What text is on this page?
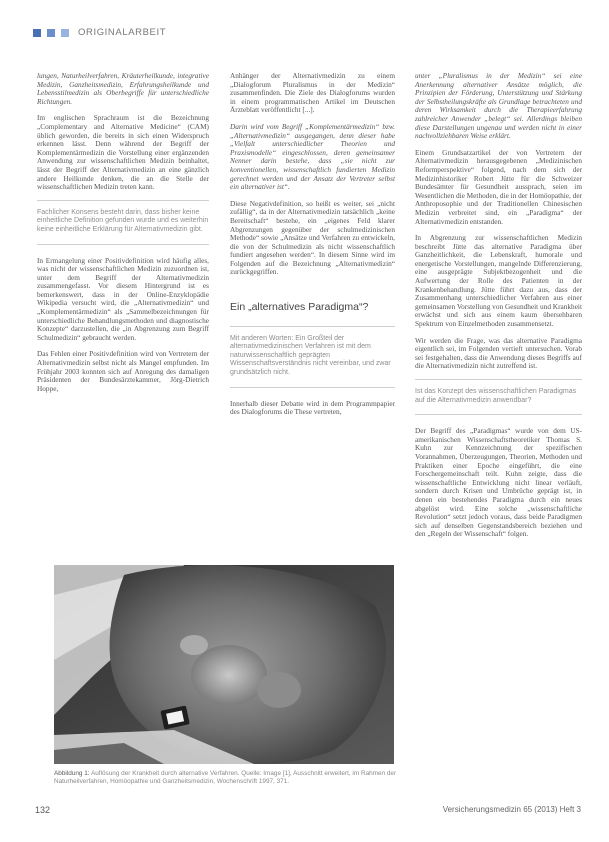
ORIGINALARBEIT

lungen, Naturheilverfahren, Kräuterheilkunde, integrative Medizin, Ganzheitsmedizin, Erfahrungsheilkunde und Lebensstilmedizin als Oberbegriffe für unterschiedliche Richtungen.

Im englischen Sprachraum ist die Bezeichnung „Complementary and Alternative Medicine“ (CAM) üblich geworden, die bereits in sich einen Widerspruch erkennen lässt. Denn während der Begriff der Komplementärmedizin die Vorstellung einer ergänzenden Anwendung zur wissenschaftlichen Medizin beinhaltet, lässt der Begriff der Alternativmedizin an eine gänzlich andere Heilkunde denken, die an die Stelle der wissenschaftlichen Medizin treten kann.

Fachlicher Konsens besteht darin, dass bisher keine einheitliche Definition gefunden wurde und es weiterhin keine einheitliche Erklärung für Alternativmedizin gibt.

In Ermangelung einer Positivdefinition wird häufig alles, was nicht der wissenschaftlichen Medizin zuzuordnen ist, unter dem Begriff der Alternativmedizin zusammengefasst. Vor diesem Hintergrund ist es bemerkenswert, dass in der Online-Enzyklopädie Wikipedia versucht wird, die „Alternativmedizin“ und „Komplementärmedizin“ als „Sammelbezeichnungen für unterschiedliche Behandlungsmethoden und diagnostische Konzepte“ darzustellen, die „in Abgrenzung zum Begriff Schulmedizin“ gebraucht werden.

Das Fehlen einer Positivdefinition wird von Vertretern der Alternativmedizin selbst nicht als Mangel empfunden. Im Frühjahr 2003 konnten sich auf Anregung des damaligen Präsidenten der Bundesärztekammer, Jörg-Dietrich Hoppe,

Anhänger der Alternativmedizin zu einem „Dialogforum Pluralismus in der Medizin“ zusammenfinden. Die Ziele des Dialogforums wurden in einem programmatischen Artikel im Deutschen Ärzteblatt veröffentlicht [...].

Darin wird vom Begriff „Komplementärmedizin“ bzw. „Alternativmedizin“ ausgegangen, denn dieser habe „Vielfalt unterschiedlicher Theorien und Praxismodelle“ eingeschlossen, deren gemeinsamer Nenner darin bestehe, dass „sie nicht zur konventionellen, wissenschaftlich fundierten Medizin gerechnet werden und der Ansatz der Vertreter selbst ein alternativer ist“.

Diese Negativdefinition, so heißt es weiter, sei „nicht zufällig“, da in der Alternativmedizin tatsächlich „keine Bereitschaft“ bestehe, ein „eigenes Feld klarer Abgrenzungen gegenüber der schulmedizinischen Methode“ sowie „Ansätze und Verfahren zu entwickeln, die von der Schulmedizin als nicht wissenschaftlich fundiert angesehen werden“. In diesem Sinne wird im Folgenden auf die Bezeichnung „Alternativmedizin“ zurückgegriffen.

Ein „alternatives Paradigma“?
Mit anderen Worten: Ein Großteil der alternativmedizinischen Verfahren ist mit dem naturwissenschaftlich geprägten Wissenschaftsverständnis nicht vereinbar, und zwar grundsätzlich nicht.

Innerhalb dieser Debatte wird in dem Programmpapier des Dialogforums die These vertreten,

unter „Pluralismus in der Medizin“ sei eine Anerkennung alternativer Ansätze möglich, die Prinzipien der Förderung, Unterstützung und Stärkung der Selbstheilungskräfte als Grundlage betrachteten und deren Wirksamkeit durch die Therapieerfahrung zahlreicher Anwender „belegt“ sei. Allerdings bleiben diese Darstellungen ungenau und werden nicht in einer nachvollziehbaren Weise erklärt.

Einem Grundsatzartikel der von Vertretern der Alternativmedizin herausgegebenen „Medizinischen Reformperspektive“ folgend, nach dem sich der Medizinhistoriker Robert Jütte für die Schweizer Bundesämter für Gesundheit aussprach, seien im Wesentlichen die Methoden, die in der Homöopathie, der Anthroposophie und der Traditionellen Chinesischen Medizin verbreitet sind, ein „Paradigma“ der Alternativmedizin entstanden.

In Abgrenzung zur wissenschaftlichen Medizin beschreibt Jütte das alternative Paradigma über Ganzheitlichkeit, die Lebenskraft, humorale und energetische Vorstellungen, mangelnde Differenzierung, eine ausgeprägte Subjektbezogenheit und die Aufwertung der Rolle des Patienten in der Krankenbehandlung. Jütte führt dazu aus, dass der Zusammenhang unterschiedlicher Verfahren aus einer gemeinsamen Vorstellung von Gesundheit und Krankheit erwächst und sich aus einem kaum übersehbaren Spektrum von Einzelmethoden zusammensetzt.

Wir werden die Frage, was das alternative Paradigma eigentlich sei, im Folgenden vertieft untersuchen. Vorab sei festgehalten, dass die Anwendung dieses Begriffs auf die Alternativmedizin nicht zutreffend ist.

Ist das Konzept des wissenschaftlichen Paradigmas auf die Alternativmedizin anwendbar?

Der Begriff des „Paradigmas“ wurde von dem US-amerikanischen Wissenschaftstheoretiker Thomas S. Kuhn zur Kennzeichnung der spezifischen Vorannahmen, Überzeugungen, Theorien, Methoden und Praktiken einer Epoche eingeführt, die eine Forschergemeinschaft teilt. Kuhn zeigte, dass die wissenschaftliche Entwicklung nicht linear verläuft, sondern durch Krisen und Umbrüche geprägt ist, in denen ein bestehendes Paradigma durch ein neues abgelöst wird. Eine solche „wissenschaftliche Revolution“ setzt jedoch voraus, dass beide Paradigmen sich auf denselben Gegenstandsbereich beziehen und den „Regeln der Wissenschaft“ folgen.

Abbildung 1: Auflösung der Krankheit durch alternative Verfahren. Quelle: Image [1], Ausschnitt erweitert, im Rahmen der Naturheilverfahren, Homöopathie und Ganzheitsmedizin, Wochenschrift 1997, 371.
132	Versicherungsmedizin 65 (2013) Heft 3
